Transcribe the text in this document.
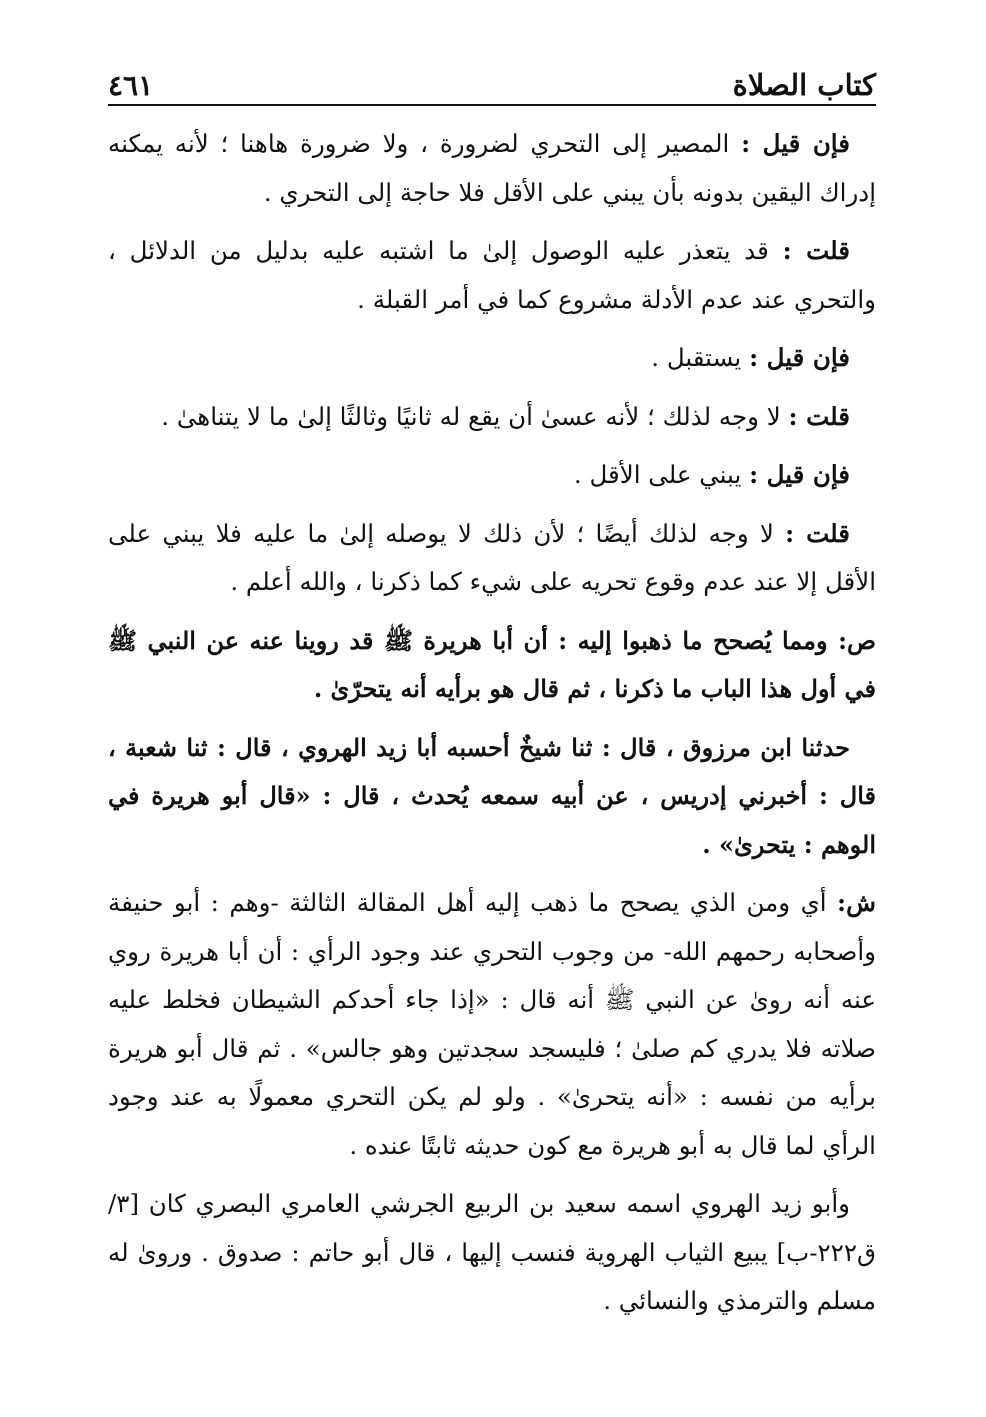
كتاب الصلاة
٤٦١

فإن قيل : المصير إلى التحري لضرورة ، ولا ضرورة هاهنا ؛ لأنه يمكنه إدراك اليقين بدونه بأن يبني على الأقل فلا حاجة إلى التحري .

قلت : قد يتعذر عليه الوصول إلىٰ ما اشتبه عليه بدليل من الدلائل ، والتحري عند عدم الأدلة مشروع كما في أمر القبلة .

فإن قيل : يستقبل .

قلت : لا وجه لذلك ؛ لأنه عسىٰ أن يقع له ثانيًا وثالثًا إلىٰ ما لا يتناهىٰ .

فإن قيل : يبني على الأقل .

قلت : لا وجه لذلك أيضًا ؛ لأن ذلك لا يوصله إلىٰ ما عليه فلا يبني على الأقل إلا عند عدم وقوع تحريه على شيء كما ذكرنا ، والله أعلم .

ص: ومما يُصحح ما ذهبوا إليه : أن أبا هريرة ﷺ قد روينا عنه عن النبي ﷺ في أول هذا الباب ما ذكرنا ، ثم قال هو برأيه أنه يتحرّىٰ .

حدثنا ابن مرزوق ، قال : ثنا شيخٌ أحسبه أبا زيد الهروي ، قال : ثنا شعبة ، قال : أخبرني إدريس ، عن أبيه سمعه يُحدث ، قال : «قال أبو هريرة في الوهم : يتحرىٰ» .

ش: أي ومن الذي يصحح ما ذهب إليه أهل المقالة الثالثة -وهم : أبو حنيفة وأصحابه رحمهم الله- من وجوب التحري عند وجود الرأي : أن أبا هريرة روي عنه أنه روىٰ عن النبي ﷺ أنه قال : «إذا جاء أحدكم الشيطان فخلط عليه صلاته فلا يدري كم صلىٰ ؛ فليسجد سجدتين وهو جالس» . ثم قال أبو هريرة برأيه من نفسه : «أنه يتحرىٰ» . ولو لم يكن التحري معمولًا به عند وجود الرأي لما قال به أبو هريرة مع كون حديثه ثابتًا عنده .

وأبو زيد الهروي اسمه سعيد بن الربيع الجرشي العامري البصري كان [٣/ ق٢٢٢-ب] يبيع الثياب الهروية فنسب إليها ، قال أبو حاتم : صدوق . وروىٰ له مسلم والترمذي والنسائي .
